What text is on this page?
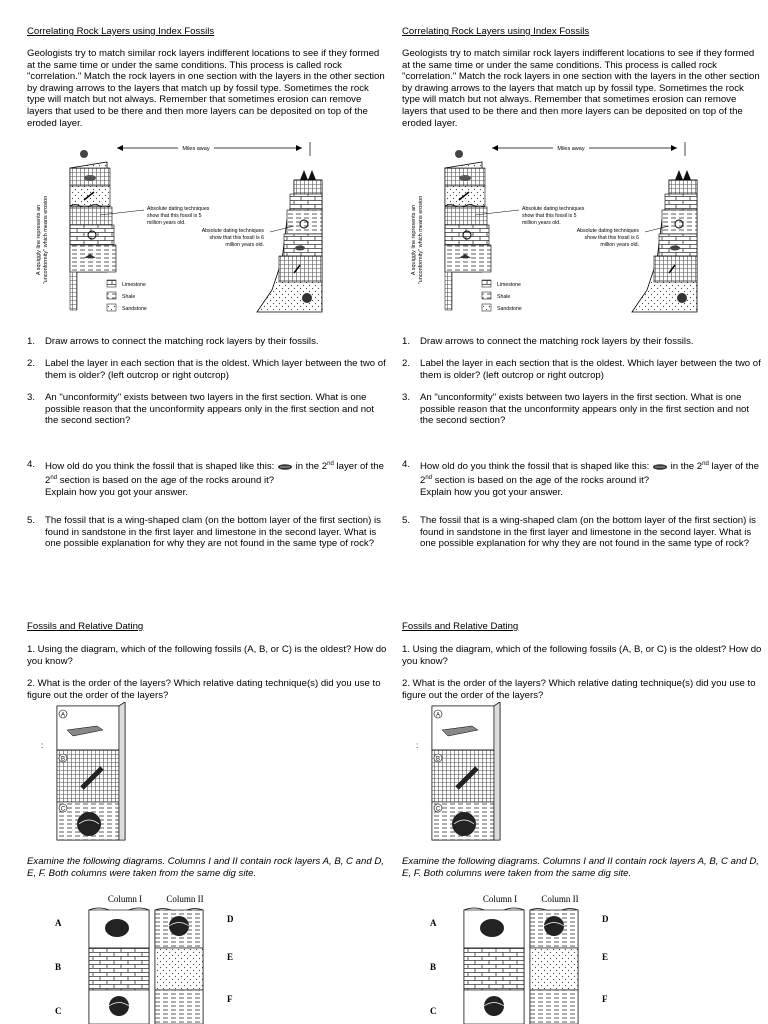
Correlating Rock Layers using Index Fossils

Geologists try to match similar rock layers indifferent locations to see if they formed at the same time or under the same conditions. This process is called rock "correlation." Match the rock layers in one section with the layers in the other section by drawing arrows to the layers that match up by fossil type. Sometimes the rock type will match but not always. Remember that sometimes erosion can remove layers that used to be there and then more layers can be deposited on top of the eroded layer.

Miles away
A squiggly line represents an "unconformity" which means erosion	Absolute dating techniques
show that this fossil is 5
million years old.
Limestone
Shale
Sandstone
Absolute dating techniques
show that this fossil is 6
million years old.
1. Draw arrows to connect the matching rock layers by their fossils.
2. Label the layer in each section that is the oldest. Which layer between the two of them is older? (left outcrop or right outcrop)
3. An "unconformity" exists between two layers in the first section. What is one possible reason that the unconformity appears only in the first section and not the second section?
4. How old do you think the fossil that is shaped like this: in the 2nd layer of the 2nd section is based on the age of the rocks around it?
Explain how you got your answer.
5. The fossil that is a wing-shaped clam (on the bottom layer of the first section) is found in sandstone in the first layer and limestone in the second layer. What is one possible explanation for why they are not found in the same type of rock?
Fossils and Relative Dating
1. Using the diagram, which of the following fossils (A, B, or C) is the oldest? How do you know?
2. What is the order of the layers? Which relative dating technique(s) did you use to figure out the order of the layers?
:
A
B
C

Examine the following diagrams. Columns I and II contain rock layers A, B, C and D, E, F. Both columns were taken from the same dig site.

Column I	Column II
A
B
C
D
E
F
Correlating Rock Layers using Index Fossils

Geologists try to match similar rock layers indifferent locations to see if they formed at the same time or under the same conditions. This process is called rock "correlation." Match the rock layers in one section with the layers in the other section by drawing arrows to the layers that match up by fossil type. Sometimes the rock type will match but not always. Remember that sometimes erosion can remove layers that used to be there and then more layers can be deposited on top of the eroded layer.

Miles away
A squiggly line represents an "unconformity" which means erosion	Absolute dating techniques
show that this fossil is 5
million years old.
Limestone
Shale
Sandstone
Absolute dating techniques
show that this fossil is 6
million years old.
1. Draw arrows to connect the matching rock layers by their fossils.
2. Label the layer in each section that is the oldest. Which layer between the two of them is older? (left outcrop or right outcrop)
3. An "unconformity" exists between two layers in the first section. What is one possible reason that the unconformity appears only in the first section and not the second section?
4. How old do you think the fossil that is shaped like this: in the 2nd layer of the 2nd section is based on the age of the rocks around it?
Explain how you got your answer.
5. The fossil that is a wing-shaped clam (on the bottom layer of the first section) is found in sandstone in the first layer and limestone in the second layer. What is one possible explanation for why they are not found in the same type of rock?
Fossils and Relative Dating
1. Using the diagram, which of the following fossils (A, B, or C) is the oldest? How do you know?
2. What is the order of the layers? Which relative dating technique(s) did you use to figure out the order of the layers?
:
A
B
C

Examine the following diagrams. Columns I and II contain rock layers A, B, C and D, E, F. Both columns were taken from the same dig site.

Column I	Column II
A
B
C
D
E
F
